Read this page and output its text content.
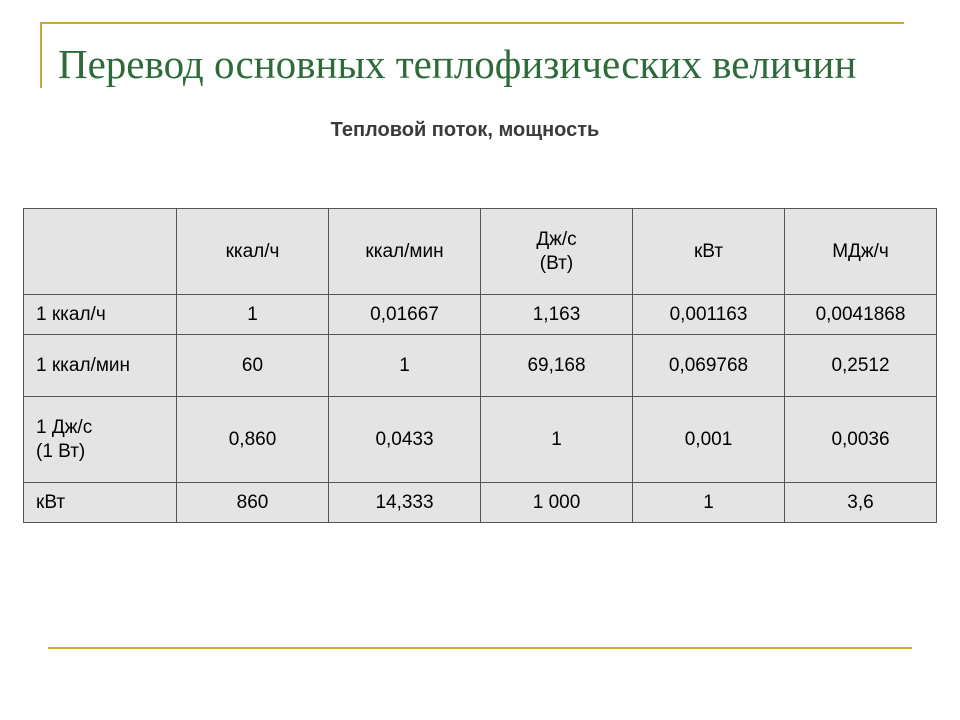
Перевод основных теплофизических величин
Тепловой поток, мощность
	ккал/ч	ккал/мин	Дж/с
(Вт)	кВт	МДж/ч
1 ккал/ч	1	0,01667	1,163	0,001163	0,0041868
1 ккал/мин	60	1	69,168	0,069768	0,2512
1 Дж/с
(1 Вт)	0,860	0,0433	1	0,001	0,0036
кВт	860	14,333	1 000	1	3,6
